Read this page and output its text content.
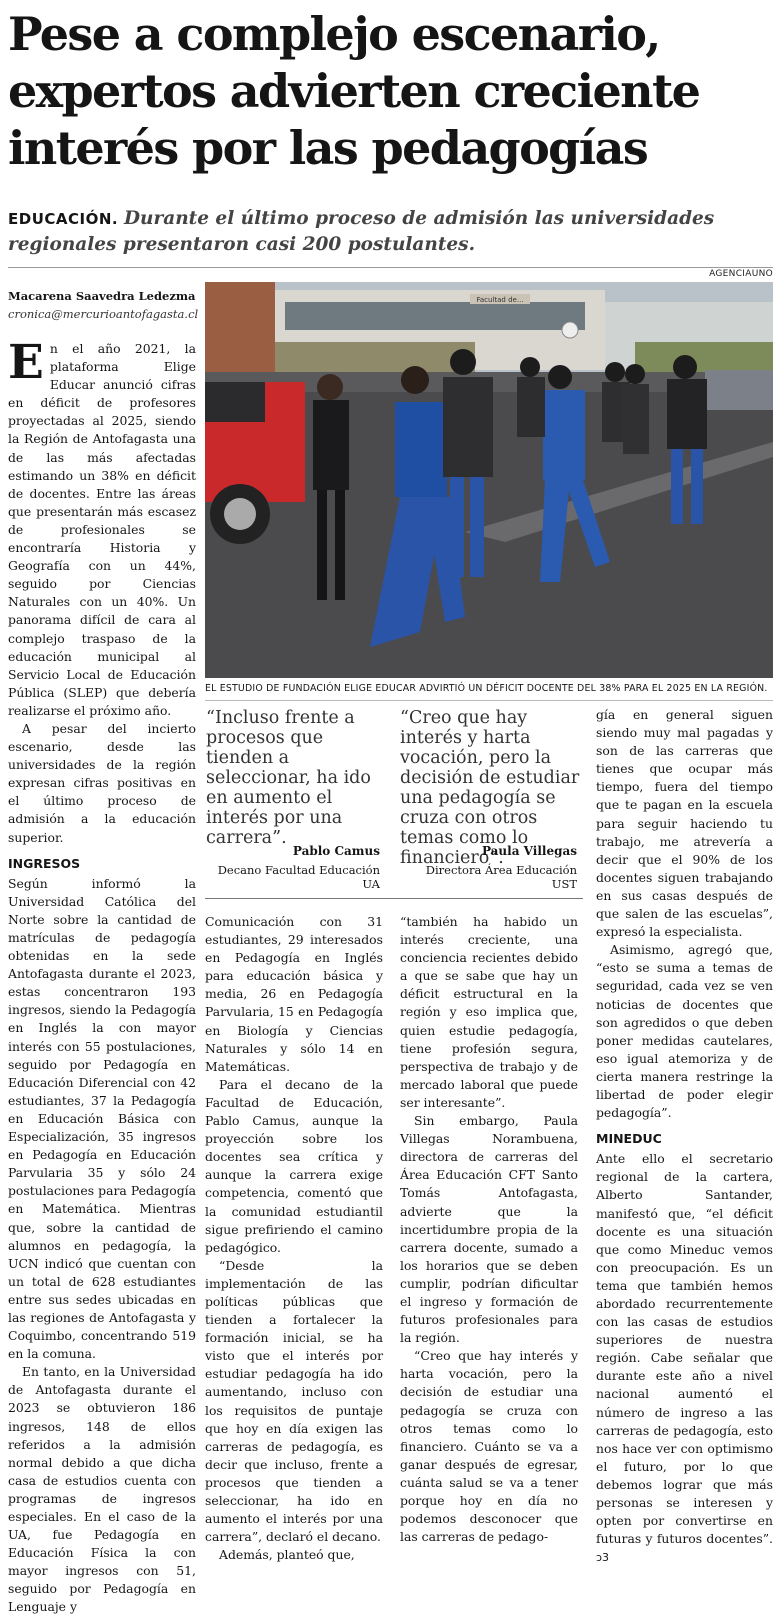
Pese a complejo escenario, expertos advierten creciente interés por las pedagogías

EDUCACIÓN. Durante el último proceso de admisión las universidades regionales presentaron casi 200 postulantes.

Macarena Saavedra Ledezma
cronica@mercurioantofagasta.cl
AGENCIAUNO
Facultad de...
EL ESTUDIO DE FUNDACIÓN ELIGE EDUCAR ADVIRTIÓ UN DÉFICIT DOCENTE DEL 38% PARA EL 2025 EN LA REGIÓN.
E n el año 2021, la plataforma Elige Educar anunció cifras en déficit de profesores proyectadas al 2025, siendo la Región de Antofagasta una de las más afectadas estimando un 38% en déficit de docentes. Entre las áreas que presentarán más escasez de profesionales se encontraría Historia y Geografía con un 44%, seguido por Ciencias Naturales con un 40%. Un panorama difícil de cara al complejo traspaso de la educación municipal al Servicio Local de Educación Pública (SLEP) que debería realizarse el próximo año.

A pesar del incierto escenario, desde las universidades de la región expresan cifras positivas en el último proceso de admisión a la educación superior.

INGRESOS

Según informó la Universidad Católica del Norte sobre la cantidad de matrículas de pedagogía obtenidas en la sede Antofagasta durante el 2023, estas concentraron 193 ingresos, siendo la Pedagogía en Inglés la con mayor interés con 55 postulaciones, seguido por Pedagogía en Educación Diferencial con 42 estudiantes, 37 la Pedagogía en Educación Básica con Especialización, 35 ingresos en Pedagogía en Educación Parvularia 35 y sólo 24 postulaciones para Pedagogía en Matemática. Mientras que, sobre la cantidad de alumnos en pedagogía, la UCN indicó que cuentan con un total de 628 estudiantes entre sus sedes ubicadas en las regiones de Antofagasta y Coquimbo, concentrando 519 en la comuna.

En tanto, en la Universidad de Antofagasta durante el 2023 se obtuvieron 186 ingresos, 148 de ellos referidos a la admisión normal debido a que dicha casa de estudios cuenta con programas de ingresos especiales. En el caso de la UA, fue Pedagogía en Educación Física la con mayor ingresos con 51, seguido por Pedagogía en Lenguaje y

“Incluso frente a procesos que tienden a seleccionar, ha ido en aumento el interés por una carrera”.
Pablo Camus
Decano Facultad Educación UA
“Creo que hay interés y harta vocación, pero la decisión de estudiar una pedagogía se cruza con otros temas como lo financiero”.
Paula Villegas
Directora Área Educación UST

Comunicación con 31 estudiantes, 29 interesados en Pedagogía en Inglés para educación básica y media, 26 en Pedagogía Parvularia, 15 en Pedagogía en Biología y Ciencias Naturales y sólo 14 en Matemáticas.

Para el decano de la Facultad de Educación, Pablo Camus, aunque la proyección sobre los docentes sea crítica y aunque la carrera exige competencia, comentó que la comunidad estudiantil sigue prefiriendo el camino pedagógico.

“Desde la implementación de las políticas públicas que tienden a fortalecer la formación inicial, se ha visto que el interés por estudiar pedagogía ha ido aumentando, incluso con los requisitos de puntaje que hoy en día exigen las carreras de pedagogía, es decir que incluso, frente a procesos que tienden a seleccionar, ha ido en aumento el interés por una carrera”, declaró el decano.

Además, planteó que,

“también ha habido un interés creciente, una conciencia recientes debido a que se sabe que hay un déficit estructural en la región y eso implica que, quien estudie pedagogía, tiene profesión segura, perspectiva de trabajo y de mercado laboral que puede ser interesante”.

Sin embargo, Paula Villegas Norambuena, directora de carreras del Área Educación CFT Santo Tomás Antofagasta, advierte que la incertidumbre propia de la carrera docente, sumado a los horarios que se deben cumplir, podrían dificultar el ingreso y formación de futuros profesionales para la región.

“Creo que hay interés y harta vocación, pero la decisión de estudiar una pedagogía se cruza con otros temas como lo financiero. Cuánto se va a ganar después de egresar, cuánta salud se va a tener porque hoy en día no podemos desconocer que las carreras de pedago-

gía en general siguen siendo muy mal pagadas y son de las carreras que tienes que ocupar más tiempo, fuera del tiempo que te pagan en la escuela para seguir haciendo tu trabajo, me atrevería a decir que el 90% de los docentes siguen trabajando en sus casas después de que salen de las escuelas”, expresó la especialista.

Asimismo, agregó que, “esto se suma a temas de seguridad, cada vez se ven noticias de docentes que son agredidos o que deben poner medidas cautelares, eso igual atemoriza y de cierta manera restringe la libertad de poder elegir pedagogía”.

MINEDUC

Ante ello el secretario regional de la cartera, Alberto Santander, manifestó que, “el déficit docente es una situación que como Mineduc vemos con preocupación. Es un tema que también hemos abordado recurrentemente con las casas de estudios superiores de nuestra región. Cabe señalar que durante este año a nivel nacional aumentó el número de ingreso a las carreras de pedagogía, esto nos hace ver con optimismo el futuro, por lo que debemos lograr que más personas se interesen y opten por convertirse en futuras y futuros docentes”. ↄ3
